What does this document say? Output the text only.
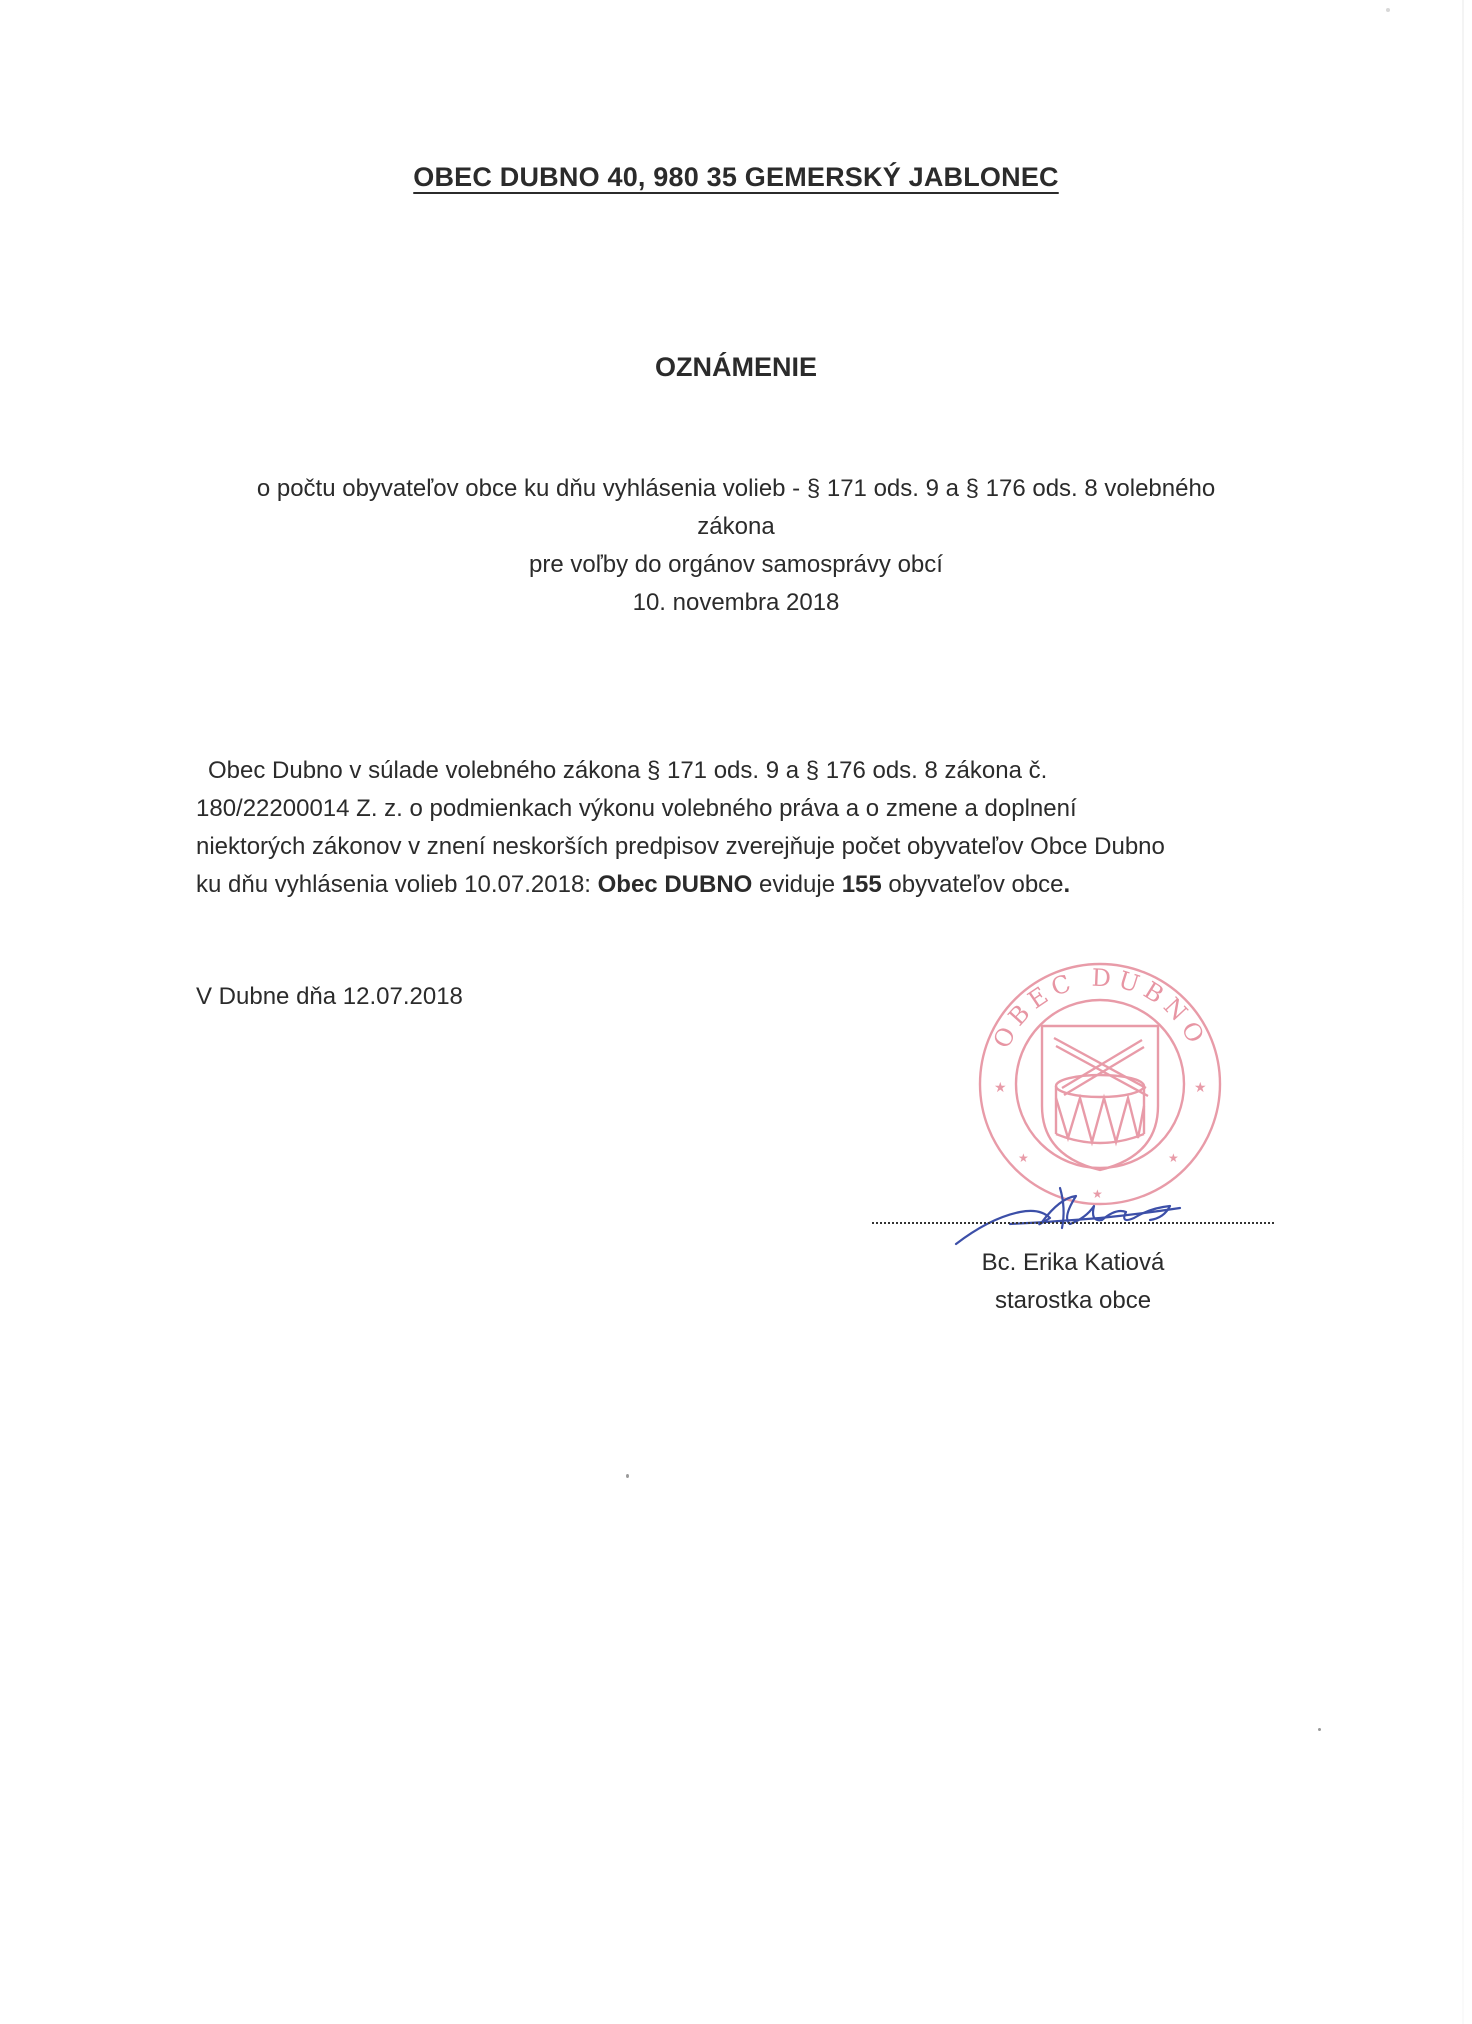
OBEC DUBNO 40, 980 35 GEMERSKÝ JABLONEC
OZNÁMENIE
o počtu obyvateľov obce ku dňu vyhlásenia volieb - § 171 ods. 9 a § 176 ods. 8 volebného
zákona
pre voľby do orgánov samosprávy obcí
10. novembra 2018
Obec Dubno v súlade volebného zákona § 171 ods. 9 a § 176 ods. 8 zákona č.
180/22200014 Z. z. o podmienkach výkonu volebného práva a o zmene a doplnení
niektorých zákonov v znení neskorších predpisov zverejňuje počet obyvateľov Obce Dubno
ku dňu vyhlásenia volieb 10.07.2018: Obec DUBNO eviduje 155 obyvateľov obce.
V Dubne dňa 12.07.2018
★	★
★	★
★
OBEC DUBNO
Bc. Erika Katiová
starostka obce
